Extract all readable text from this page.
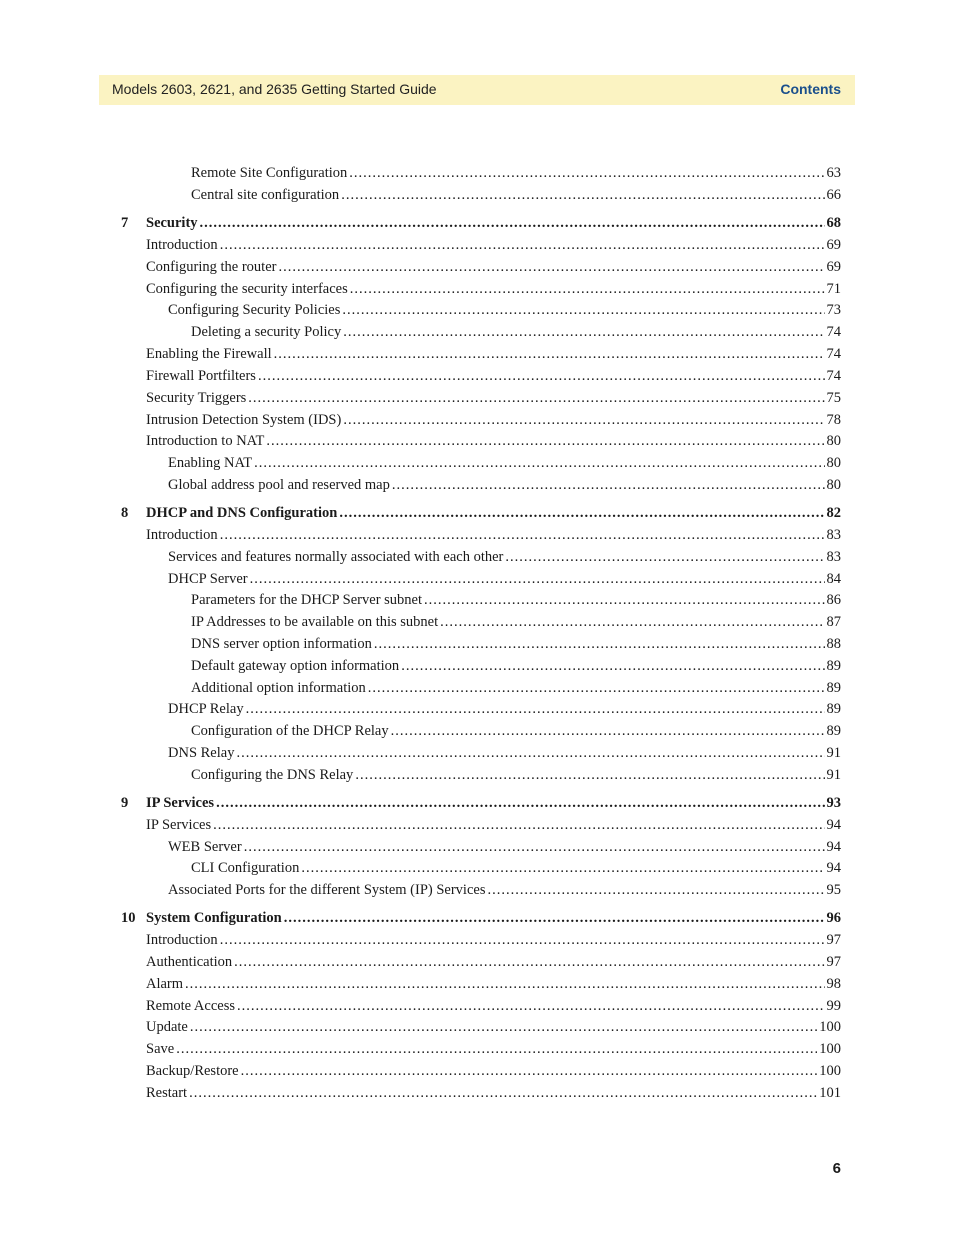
Models 2603, 2621, and 2635 Getting Started Guide	Contents
Remote Site Configuration .....	63
Central site configuration .....	66
7 Security .....	68
Introduction .....	69
Configuring the router .....	69
Configuring the security interfaces .....	71
Configuring Security Policies .....	73
Deleting a security Policy .....	74
Enabling the Firewall .....	74
Firewall Portfilters .....	74
Security Triggers .....	75
Intrusion Detection System (IDS) .....	78
Introduction to NAT .....	80
Enabling NAT .....	80
Global address pool and reserved map .....	80
8 DHCP and DNS Configuration .....	82
Introduction .....	83
Services and features normally associated with each other .....	83
DHCP Server .....	84
Parameters for the DHCP Server subnet .....	86
IP Addresses to be available on this subnet .....	87
DNS server option information .....	88
Default gateway option information .....	89
Additional option information .....	89
DHCP Relay .....	89
Configuration of the DHCP Relay .....	89
DNS Relay .....	91
Configuring the DNS Relay .....	91
9 IP Services .....	93
IP Services .....	94
WEB Server .....	94
CLI Configuration .....	94
Associated Ports for the different System (IP) Services .....	95
10 System Configuration .....	96
Introduction .....	97
Authentication .....	97
Alarm .....	98
Remote Access .....	99
Update .....	100
Save .....	100
Backup/Restore .....	100
Restart .....	101
6
